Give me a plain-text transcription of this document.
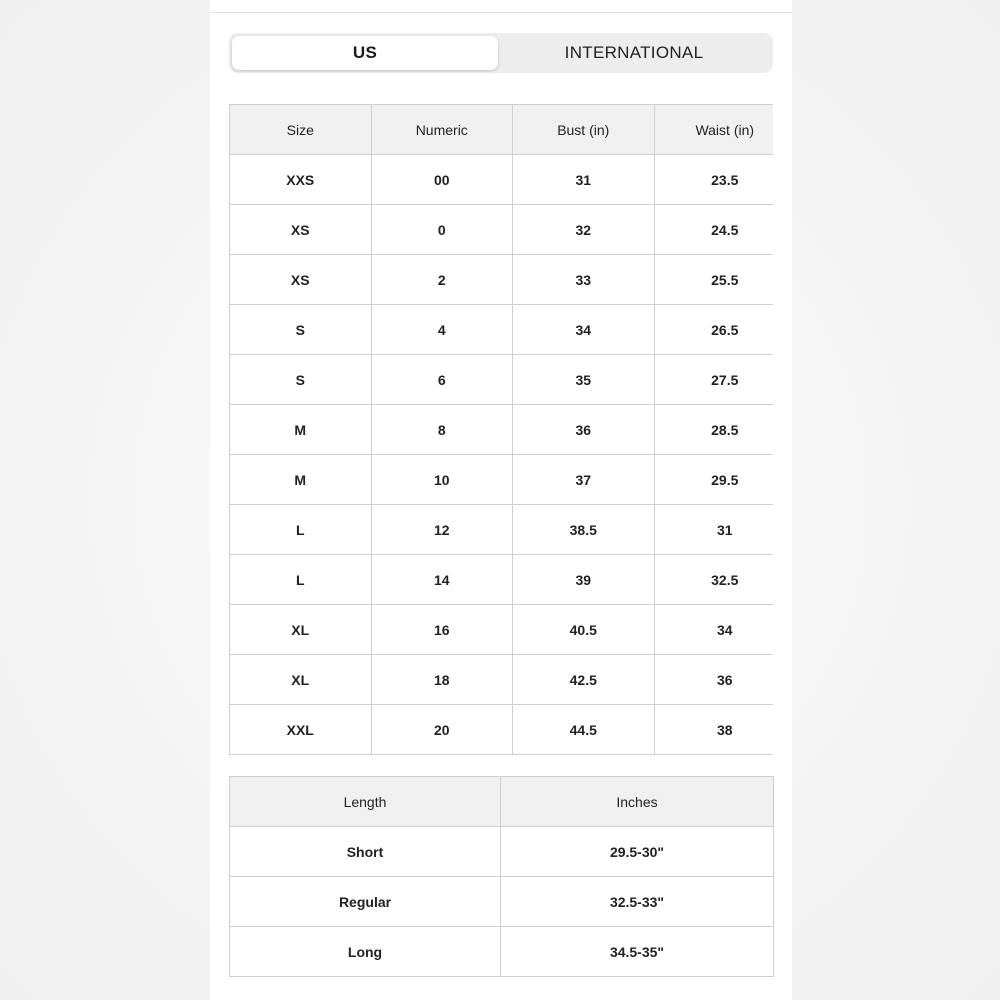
US	INTERNATIONAL
Size	Numeric	Bust (in)	Waist (in)
XXS	00	31	23.5
XS	0	32	24.5
XS	2	33	25.5
S	4	34	26.5
S	6	35	27.5
M	8	36	28.5
M	10	37	29.5
L	12	38.5	31
L	14	39	32.5
XL	16	40.5	34
XL	18	42.5	36
XXL	20	44.5	38
Length	Inches
Short	29.5-30"
Regular	32.5-33"
Long	34.5-35"
